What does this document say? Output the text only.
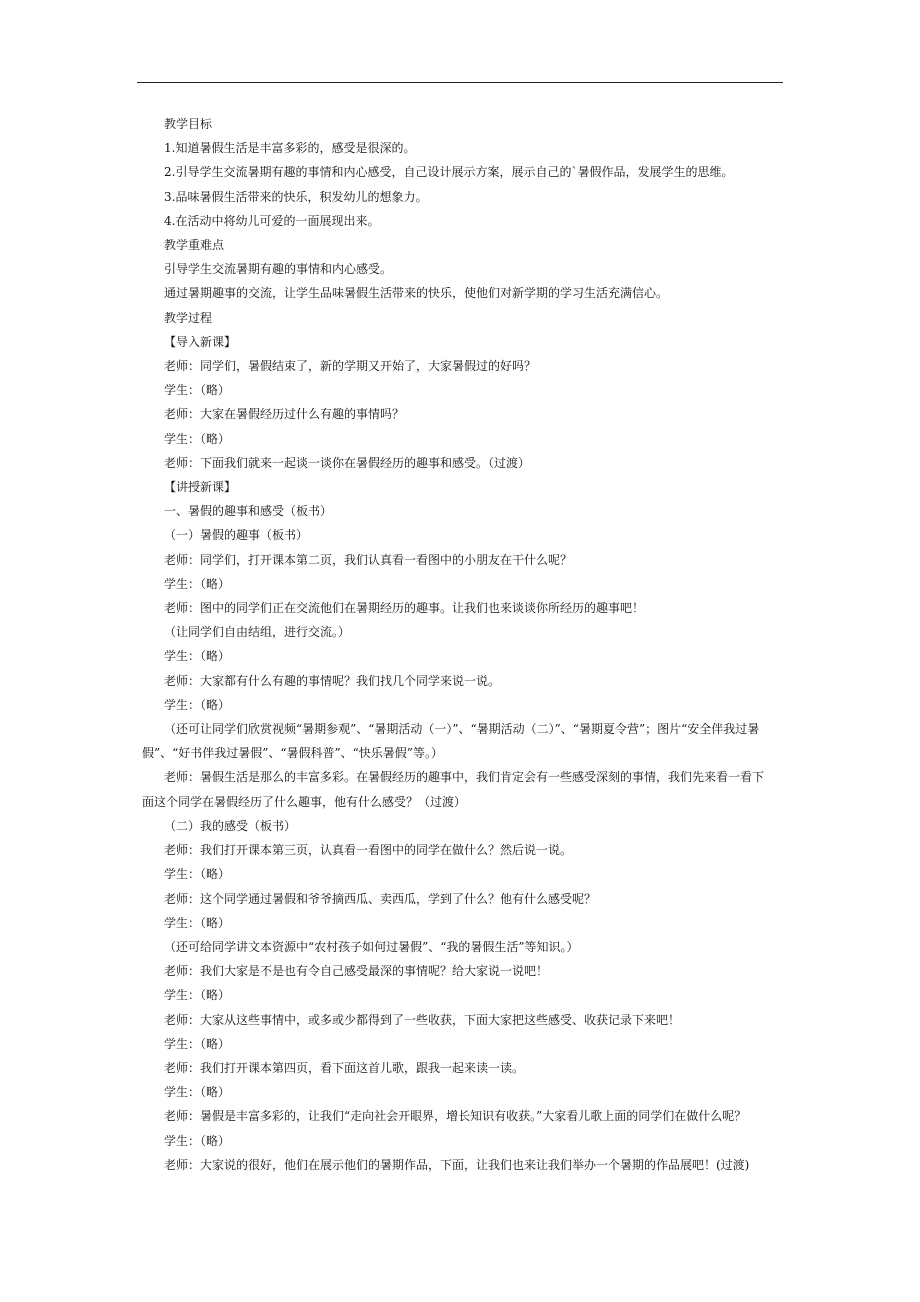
教学目标

1.知道暑假生活是丰富多彩的，感受是很深的。

2.引导学生交流暑期有趣的事情和内心感受，自己设计展示方案，展示自己的`暑假作品，发展学生的思维。

3.品味暑假生活带来的快乐，积发幼儿的想象力。

4.在活动中将幼儿可爱的一面展现出来。

教学重难点

引导学生交流暑期有趣的事情和内心感受。

通过暑期趣事的交流，让学生品味暑假生活带来的快乐，使他们对新学期的学习生活充满信心。

教学过程

【导入新课】

老师：同学们，暑假结束了，新的学期又开始了，大家暑假过的好吗？

学生：（略）

老师：大家在暑假经历过什么有趣的事情吗？

学生：（略）

老师：下面我们就来一起谈一谈你在暑假经历的趣事和感受。（过渡）

【讲授新课】

一、暑假的趣事和感受（板书）

（一）暑假的趣事（板书）

老师：同学们，打开课本第二页，我们认真看一看图中的小朋友在干什么呢？

学生：（略）

老师：图中的同学们正在交流他们在暑期经历的趣事。让我们也来谈谈你所经历的趣事吧！

（让同学们自由结组，进行交流。）

学生：（略）

老师：大家都有什么有趣的事情呢？我们找几个同学来说一说。

学生：（略）

（还可让同学们欣赏视频“暑期参观”、“暑期活动（一）”、“暑期活动（二）”、“暑期夏令营”；图片“安全伴我过暑假”、“好书伴我过暑假”、“暑假科普”、“快乐暑假”等。）

老师：暑假生活是那么的丰富多彩。在暑假经历的趣事中，我们肯定会有一些感受深刻的事情，我们先来看一看下面这个同学在暑假经历了什么趣事，他有什么感受？（过渡）

（二）我的感受（板书）

老师：我们打开课本第三页，认真看一看图中的同学在做什么？然后说一说。

学生：（略）

老师：这个同学通过暑假和爷爷摘西瓜、卖西瓜，学到了什么？他有什么感受呢？

学生：（略）

（还可给同学讲文本资源中“农村孩子如何过暑假”、“我的暑假生活”等知识。）

老师：我们大家是不是也有令自己感受最深的事情呢？给大家说一说吧！

学生：（略）

老师：大家从这些事情中，或多或少都得到了一些收获，下面大家把这些感受、收获记录下来吧！

学生：（略）

老师：我们打开课本第四页，看下面这首儿歌，跟我一起来读一读。

学生：（略）

老师：暑假是丰富多彩的，让我们“走向社会开眼界，增长知识有收获。”大家看儿歌上面的同学们在做什么呢？

学生：（略）

老师：大家说的很好，他们在展示他们的暑期作品，下面，让我们也来让我们举办一个暑期的作品展吧！(过渡)
